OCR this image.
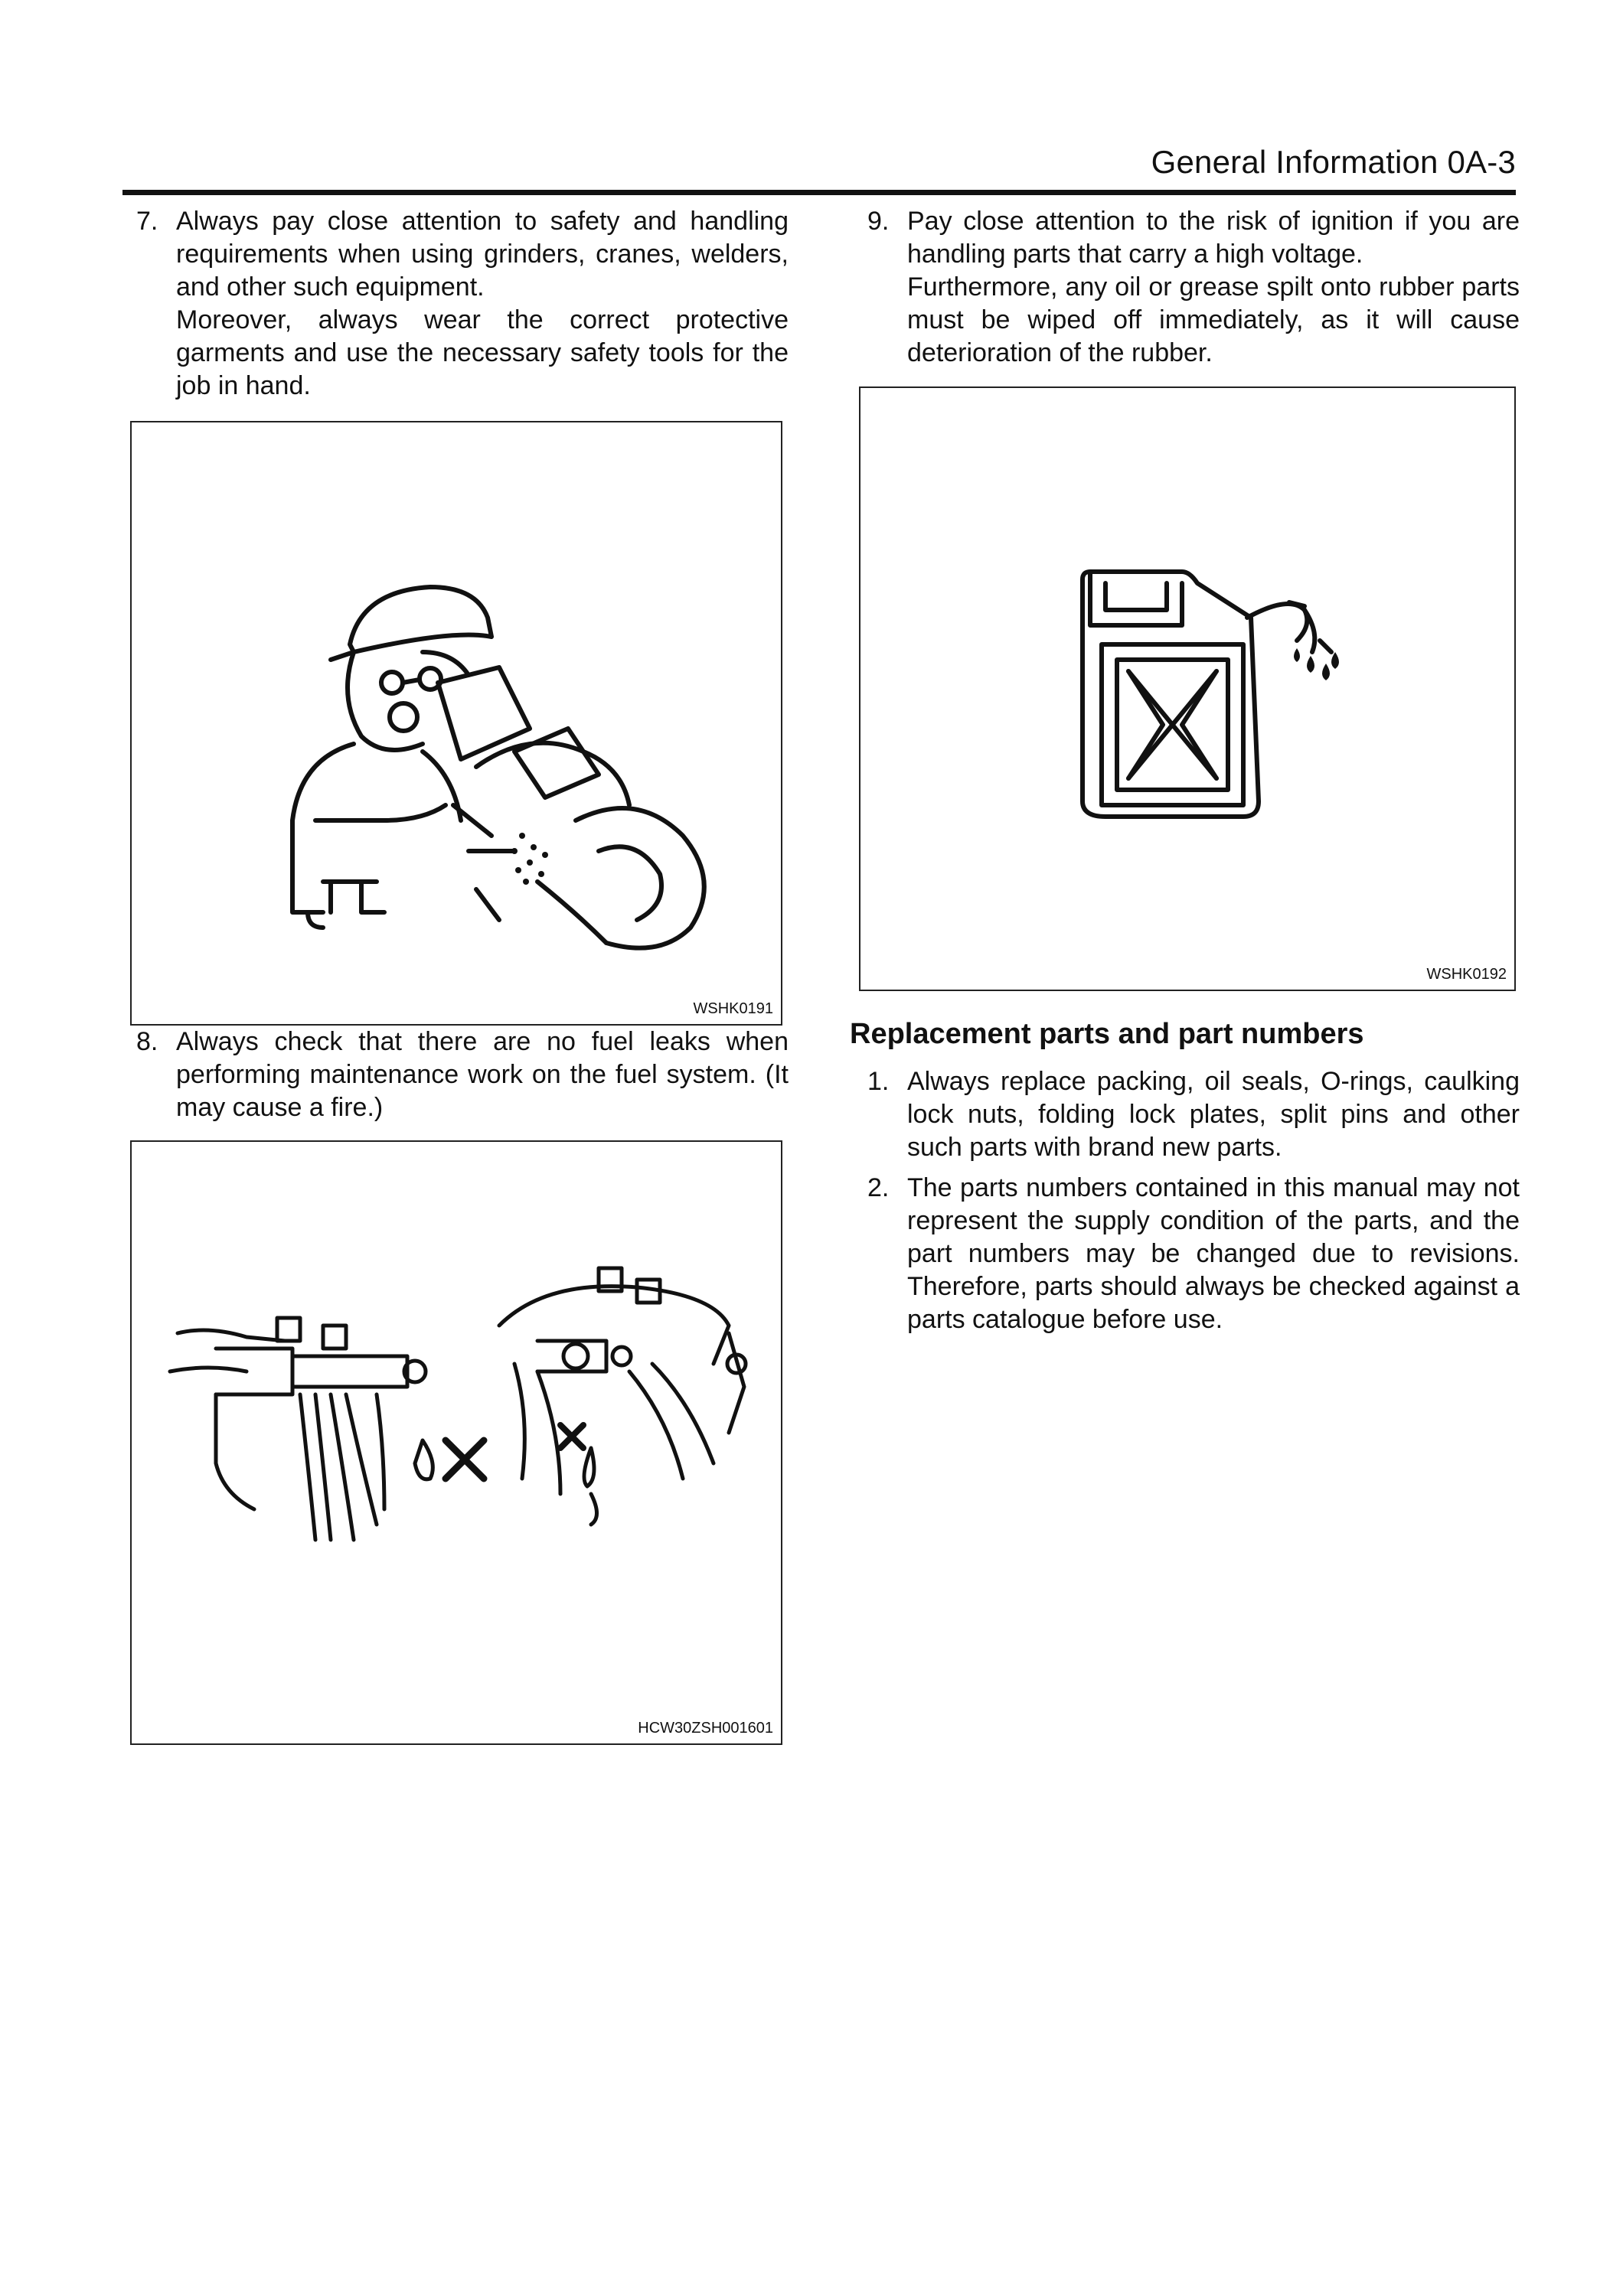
General Information 0A-3
7. Always pay close attention to safety and handling requirements when using grinders, cranes, welders, and other such equipment.

Moreover, always wear the correct protective garments and use the necessary safety tools for the job in hand.

WSHK0191
8. Always check that there are no fuel leaks when performing maintenance work on the fuel system. (It may cause a fire.)

HCW30ZSH001601
9. Pay close attention to the risk of ignition if you are handling parts that carry a high voltage.

Furthermore, any oil or grease spilt onto rubber parts must be wiped off immediately, as it will cause deterioration of the rubber.

WSHK0192
Replacement parts and part numbers
1. Always replace packing, oil seals, O-rings, caulking lock nuts, folding lock plates, split pins and other such parts with brand new parts.

2. The parts numbers contained in this manual may not represent the supply condition of the parts, and the part numbers may be changed due to revisions. Therefore, parts should always be checked against a parts catalogue before use.
